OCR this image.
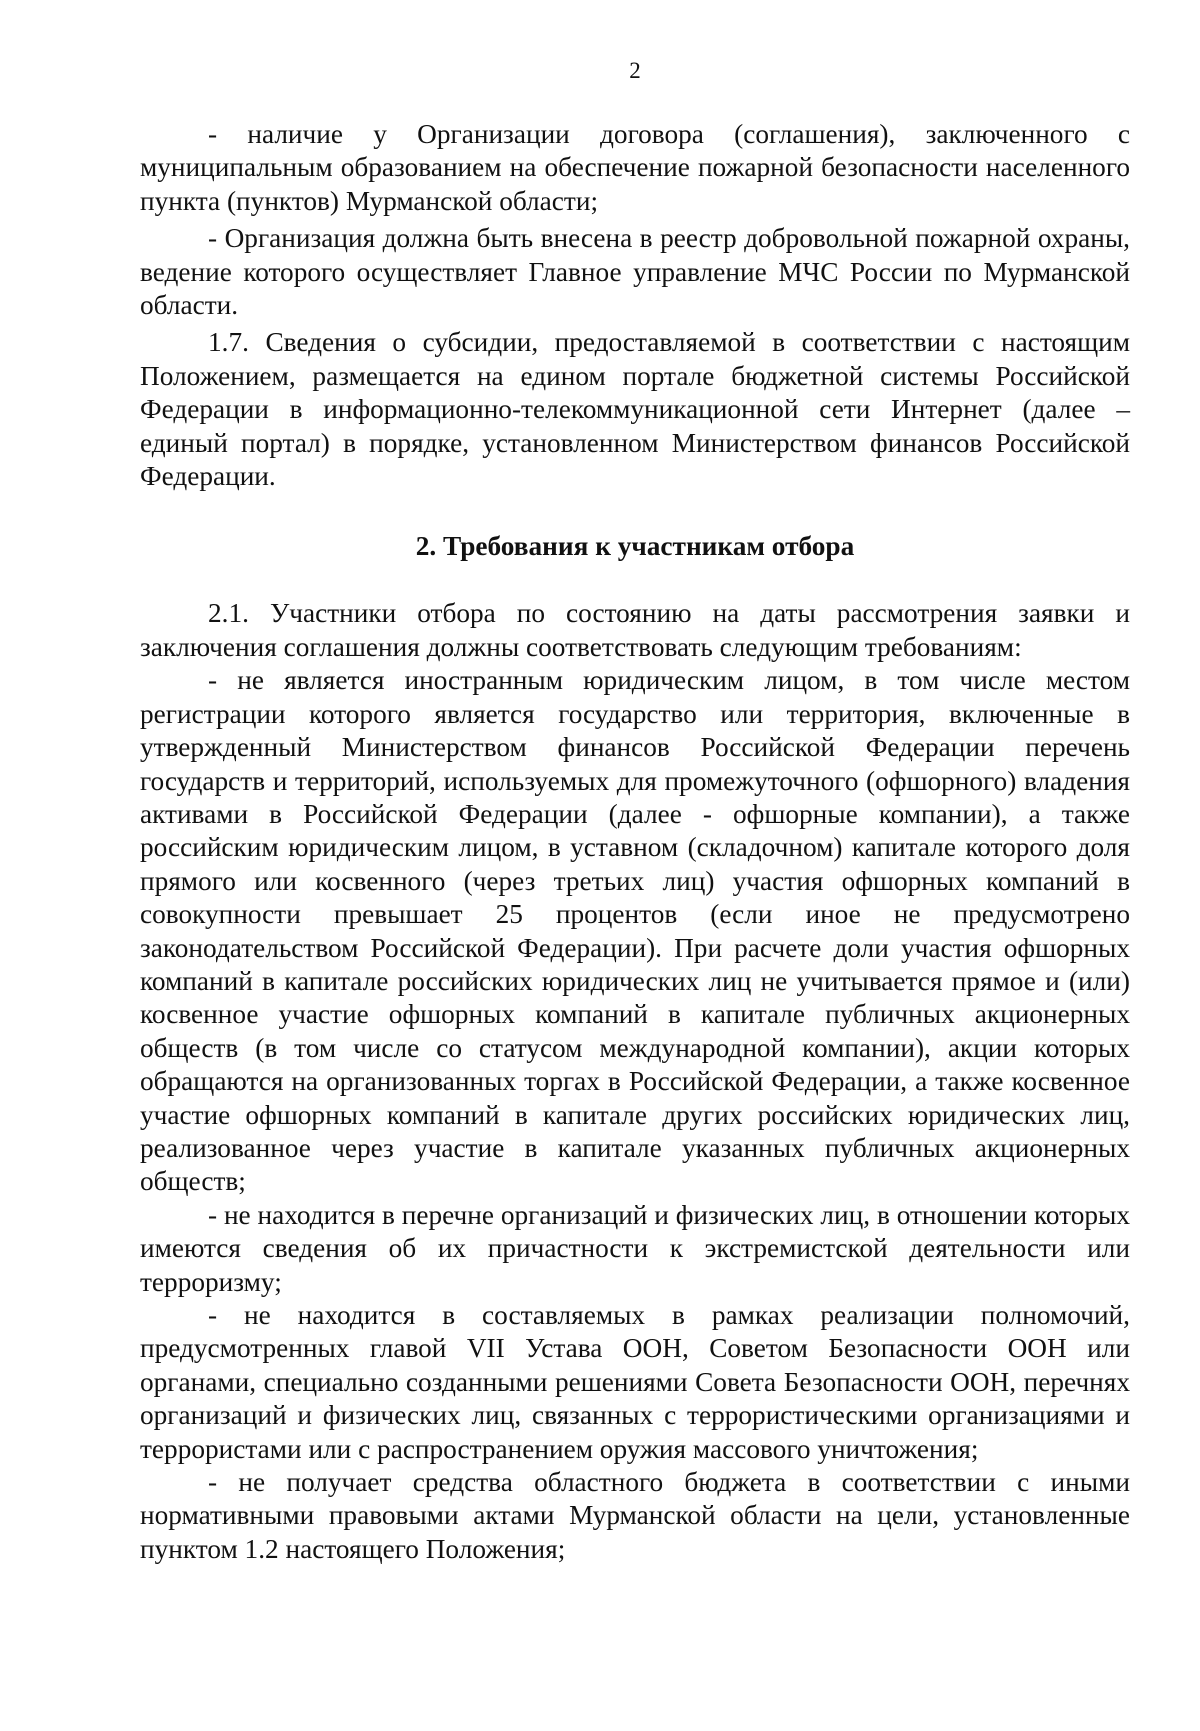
2

- наличие у Организации договора (соглашения), заключенного с муниципальным образованием на обеспечение пожарной безопасности населенного пункта (пунктов) Мурманской области;

- Организация должна быть внесена в реестр добровольной пожарной охраны, ведение которого осуществляет Главное управление МЧС России по Мурманской области.

1.7. Сведения о субсидии, предоставляемой в соответствии с настоящим Положением, размещается на едином портале бюджетной системы Российской Федерации в информационно-телекоммуникационной сети Интернет (далее – единый портал) в порядке, установленном Министерством финансов Российской Федерации.

2. Требования к участникам отбора

2.1. Участники отбора по состоянию на даты рассмотрения заявки и заключения соглашения должны соответствовать следующим требованиям:

- не является иностранным юридическим лицом, в том числе местом регистрации которого является государство или территория, включенные в утвержденный Министерством финансов Российской Федерации перечень государств и территорий, используемых для промежуточного (офшорного) владения активами в Российской Федерации (далее - офшорные компании), а также российским юридическим лицом, в уставном (складочном) капитале которого доля прямого или косвенного (через третьих лиц) участия офшорных компаний в совокупности превышает 25 процентов (если иное не предусмотрено законодательством Российской Федерации). При расчете доли участия офшорных компаний в капитале российских юридических лиц не учитывается прямое и (или) косвенное участие офшорных компаний в капитале публичных акционерных обществ (в том числе со статусом международной компании), акции которых обращаются на организованных торгах в Российской Федерации, а также косвенное участие офшорных компаний в капитале других российских юридических лиц, реализованное через участие в капитале указанных публичных акционерных обществ;

- не находится в перечне организаций и физических лиц, в отношении которых имеются сведения об их причастности к экстремистской деятельности или терроризму;

- не находится в составляемых в рамках реализации полномочий, предусмотренных главой VII Устава ООН, Советом Безопасности ООН или органами, специально созданными решениями Совета Безопасности ООН, перечнях организаций и физических лиц, связанных с террористическими организациями и террористами или с распространением оружия массового уничтожения;

- не получает средства областного бюджета в соответствии с иными нормативными правовыми актами Мурманской области на цели, установленные пунктом 1.2 настоящего Положения;
